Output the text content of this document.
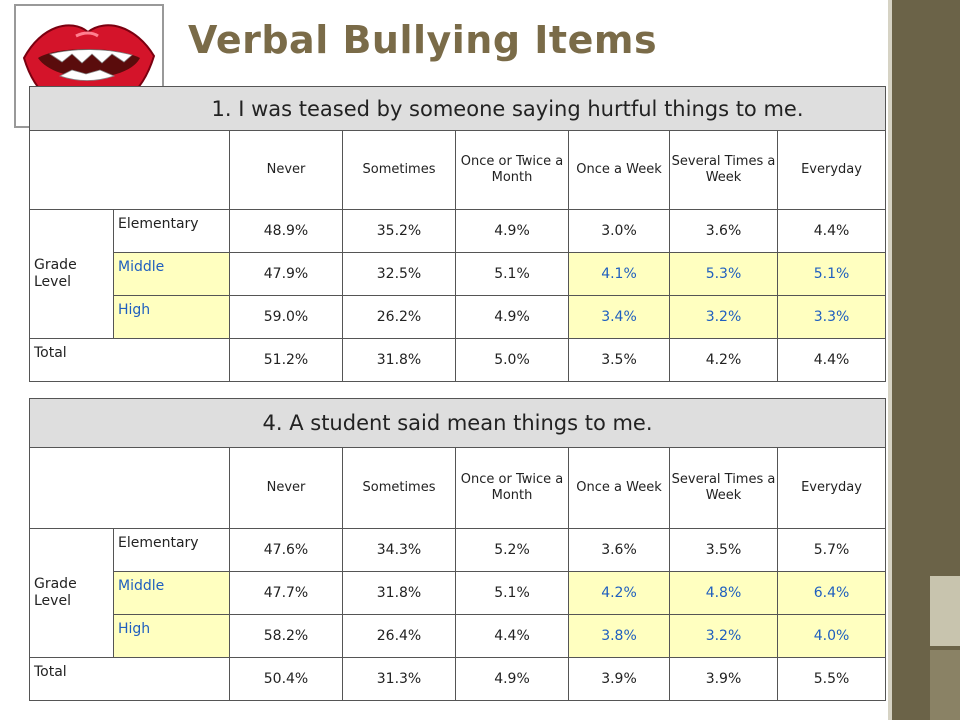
Verbal Bullying Items
1. I was teased by someone saying hurtful things to me.							
		Never	Sometimes	Once or Twice a Month	Once a Week	Several Times a Week	Everyday
Grade Level	Elementary	48.9%	35.2%	4.9%	3.0%	3.6%	4.4%
	Middle	47.9%	32.5%	5.1%	4.1%	5.3%	5.1%
	High	59.0%	26.2%	4.9%	3.4%	3.2%	3.3%
Total		51.2%	31.8%	5.0%	3.5%	4.2%	4.4%
4. A student said mean things to me.							
		Never	Sometimes	Once or Twice a Month	Once a Week	Several Times a Week	Everyday
Grade Level	Elementary	47.6%	34.3%	5.2%	3.6%	3.5%	5.7%
	Middle	47.7%	31.8%	5.1%	4.2%	4.8%	6.4%
	High	58.2%	26.4%	4.4%	3.8%	3.2%	4.0%
Total		50.4%	31.3%	4.9%	3.9%	3.9%	5.5%
